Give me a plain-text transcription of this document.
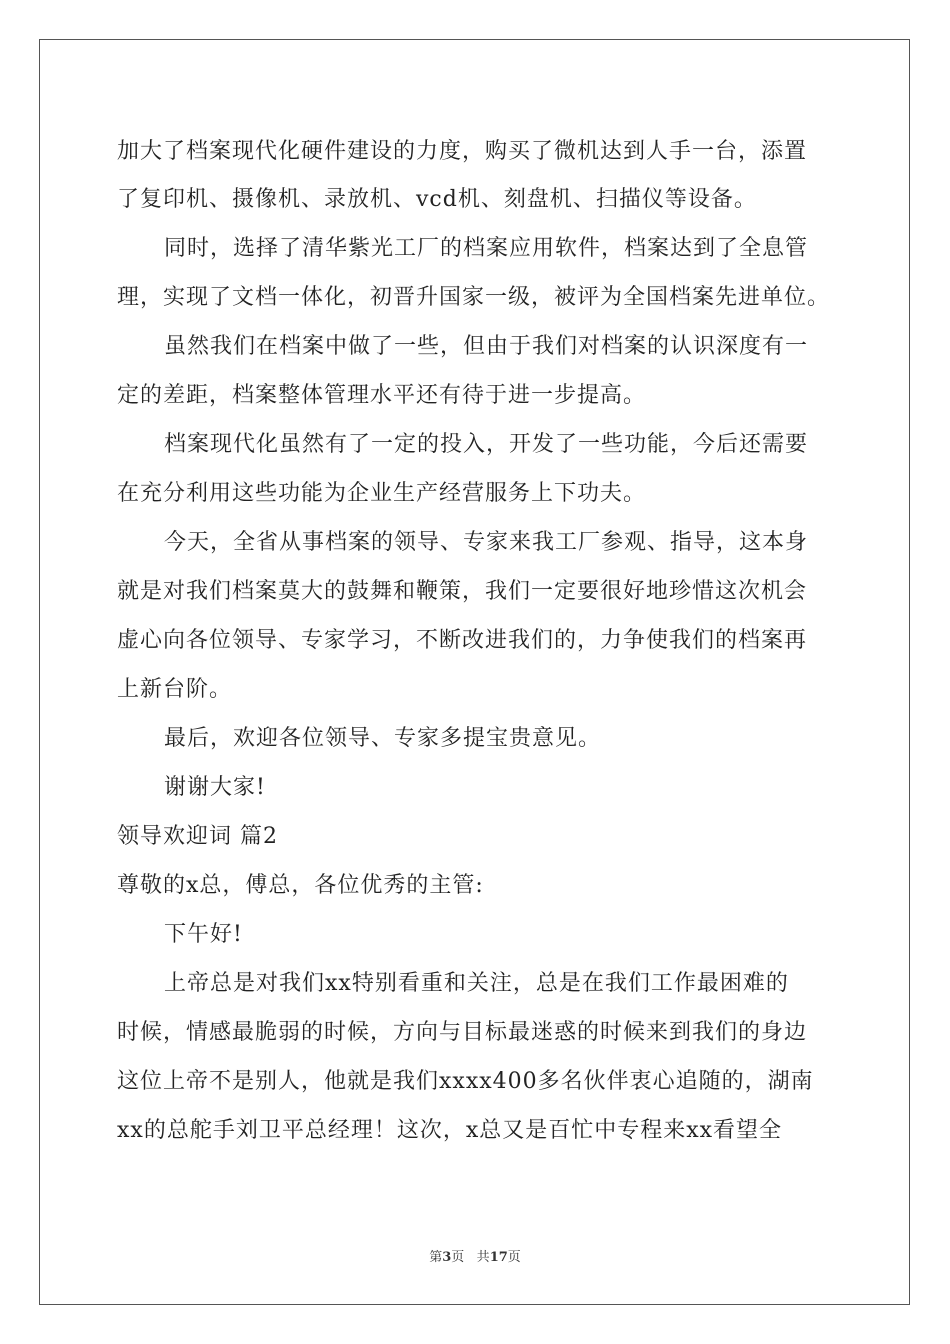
加大了档案现代化硬件建设的力度，购买了微机达到人手一台，添置
了复印机、摄像机、录放机、vcd机、刻盘机、扫描仪等设备。
同时，选择了清华紫光工厂的档案应用软件，档案达到了全息管
理，实现了文档一体化，初晋升国家一级，被评为全国档案先进单位。
虽然我们在档案中做了一些，但由于我们对档案的认识深度有一
定的差距，档案整体管理水平还有待于进一步提高。
档案现代化虽然有了一定的投入，开发了一些功能，今后还需要
在充分利用这些功能为企业生产经营服务上下功夫。
今天，全省从事档案的领导、专家来我工厂参观、指导，这本身
就是对我们档案莫大的鼓舞和鞭策，我们一定要很好地珍惜这次机会
虚心向各位领导、专家学习，不断改进我们的，力争使我们的档案再
上新台阶。
最后，欢迎各位领导、专家多提宝贵意见。
谢谢大家!
领导欢迎词 篇2
尊敬的x总，傅总，各位优秀的主管:
下午好!
上帝总是对我们xx特别看重和关注，总是在我们工作最困难的
时候，情感最脆弱的时候，方向与目标最迷惑的时候来到我们的身边
这位上帝不是别人，他就是我们xxxx400多名伙伴衷心追随的，湖南
xx的总舵手刘卫平总经理！这次，x总又是百忙中专程来xx看望全
第3页 共17页
